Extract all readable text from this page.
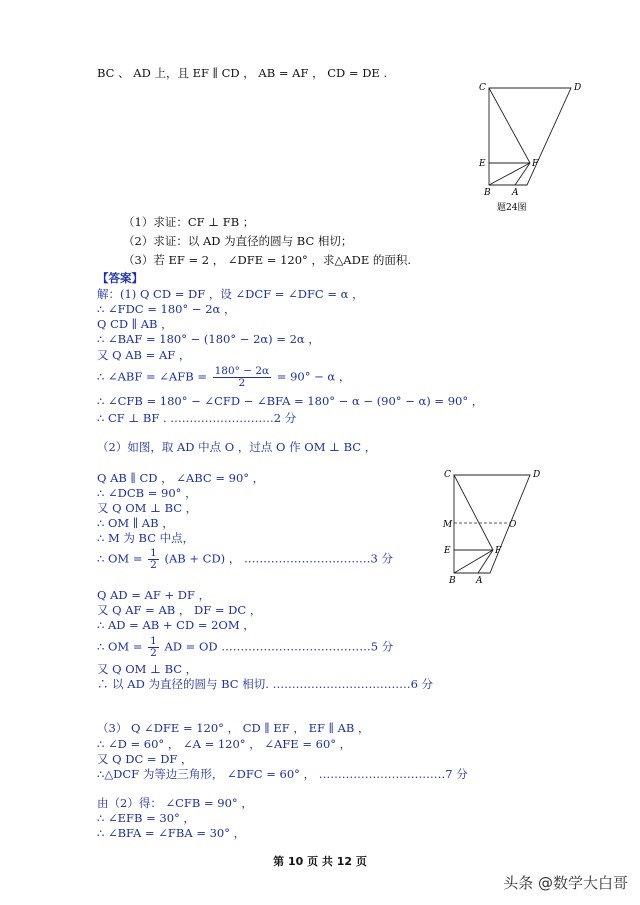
BC 、 AD 上，且 EF ∥ CD ， AB = AF ， CD = DE .
C	D
E	F
B A
题24图
（1）求证：CF ⊥ FB ；
（2）求证：以 AD 为直径的圆与 BC 相切；
（3）若 EF = 2 ， ∠DFE = 120° ，求△ADE 的面积.
【答案】
解：(1) Q CD = DF ，设 ∠DCF = ∠DFC = α ，
∴ ∠FDC = 180° − 2α ，
Q CD ∥ AB ，
∴ ∠BAF = 180° − (180° − 2α) = 2α ，
又 Q AB = AF ，
∴ ∠ABF = ∠AFB = $\frac{180^\circ - 2\alpha}{2} = 90^\circ - \alpha$ ，
∴ ∠CFB = 180° − ∠CFD − ∠BFA = 180° − α − (90° − α) = 90° ，
∴ CF ⊥ BF . ………………………2 分
（2）如图，取 AD 中点 O ，过点 O 作 OM ⊥ BC ，
Q AB ∥ CD ， ∠ABC = 90° ，
∴ ∠DCB = 90° ，
又 Q OM ⊥ BC ，
∴ OM ∥ AB ，
∴ M 为 BC 中点，
∴ OM = $\frac{1}{2} (AB + CD)$ ， ……………………………3 分
C	D
M	O
E	F
B A
Q AD = AF + DF ，
又 Q AF = AB ， DF = DC ，
∴ AD = AB + CD = 2OM ，
∴ OM = $\frac{1}{2}$ AD = OD …………………………………5 分
又 Q OM ⊥ BC ，
∴ 以 AD 为直径的圆与 BC 相切. ………………………………6 分
（3） Q ∠DFE = 120° ， CD ∥ EF ， EF ∥ AB ，
∴ ∠D = 60° ， ∠A = 120° ， ∠AFE = 60° ，
又 Q DC = DF ，
∴△DCF 为等边三角形， ∠DFC = 60° ， ……………………………7 分
由（2）得： ∠CFB = 90° ，
∴ ∠EFB = 30° ，
∴ ∠BFA = ∠FBA = 30° ，
第 10 页 共 12 页
头条 @数学大白哥
